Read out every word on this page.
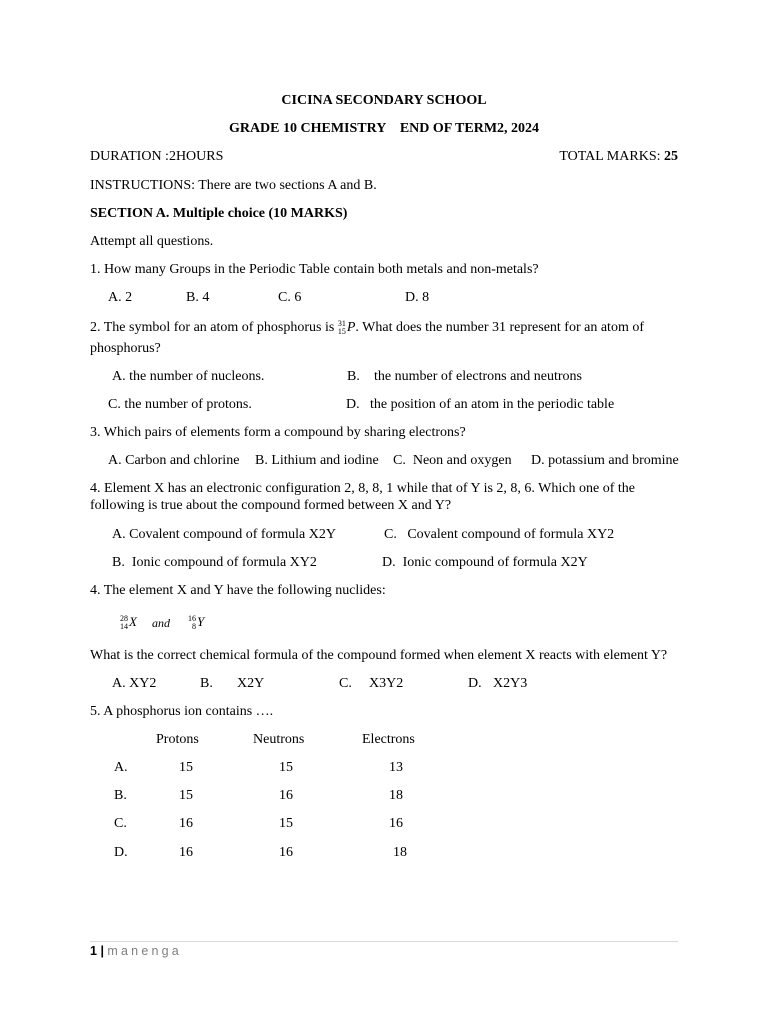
CICINA SECONDARY SCHOOL
GRADE 10 CHEMISTRY    END OF TERM2, 2024
DURATION :2HOURS	TOTAL MARKS: 25
INSTRUCTIONS: There are two sections A and B.
SECTION A. Multiple choice (10 MARKS)
Attempt all questions.
1. How many Groups in the Periodic Table contain both metals and non-metals?
A. 2	B. 4	C. 6	D. 8
2. The symbol for an atom of phosphorus is 31
15 P. What does the number 31 represent for an atom of
phosphorus?
A. the number of nucleons.	B. the number of electrons and neutrons
C. the number of protons.	D. the position of an atom in the periodic table
3. Which pairs of elements form a compound by sharing electrons?
A. Carbon and chlorine B. Lithium and iodine C.  Neon and oxygen D. potassium and bromine
4. Element X has an electronic configuration 2, 8, 8, 1 while that of Y is 2, 8, 6. Which one of the
following is true about the compound formed between X and Y?
A. Covalent compound of formula X2Y	C.   Covalent compound of formula XY2
B.  Ionic compound of formula XY2	D.  Ionic compound of formula X2Y
4. The element X and Y have the following nuclides:
28
14 X and 16
8 Y
What is the correct chemical formula of the compound formed when element X reacts with element Y?
A. XY2	B. X2Y	C. X3Y2	D. X2Y3
5. A phosphorus ion contains ….
Protons	Neutrons	Electrons
A.	15	15	13
B.	15	16	18
C.	16	15	16
D.	16	16	18
1 | manenga
